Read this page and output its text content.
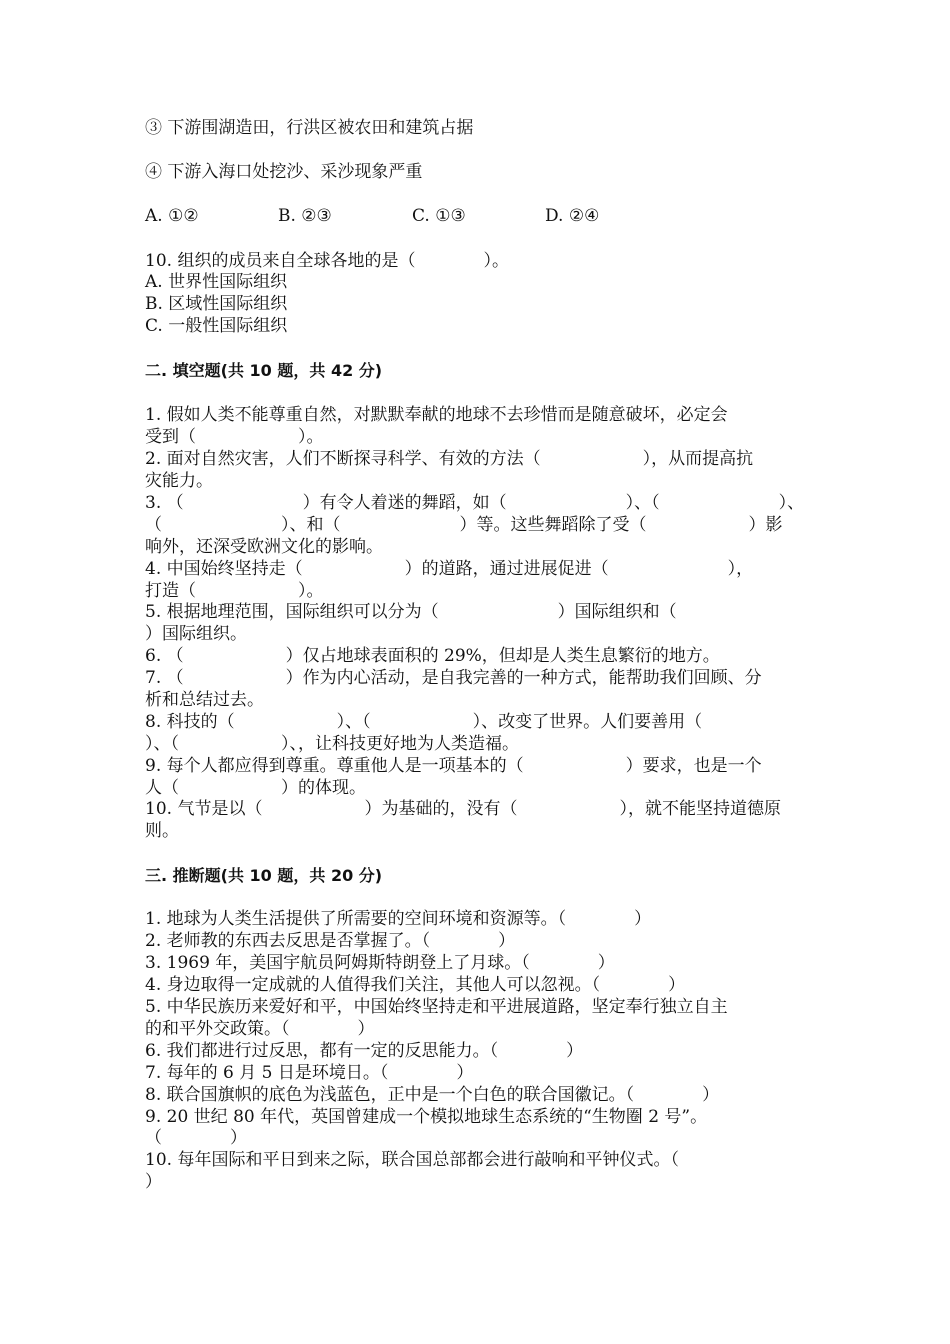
③ 下游围湖造田，行洪区被农田和建筑占据

④ 下游入海口处挖沙、采沙现象严重

A. ①②	B. ②③	C. ①③	D. ②④

10. 组织的成员来自全球各地的是（　　　　）。

A. 世界性国际组织

B. 区域性国际组织

C. 一般性国际组织

二. 填空题(共 10 题，共 42 分)

1. 假如人类不能尊重自然，对默默奉献的地球不去珍惜而是随意破坏，必定会

受到（　　　　　　）。

2. 面对自然灾害，人们不断探寻科学、有效的方法（　　　　　　），从而提高抗

灾能力。

3. （　　　　　　　）有令人着迷的舞蹈，如（　　　　　　　）、（　　　　　　　）、

（　　　　　　　）、和（　　　　　　　）等。这些舞蹈除了受（　　　　　　）影

响外，还深受欧洲文化的影响。

4. 中国始终坚持走（　　　　　　）的道路，通过进展促进（　　　　　　　），

打造（　　　　　　）。

5. 根据地理范围，国际组织可以分为（　　　　　　　）国际组织和（

）国际组织。

6. （　　　　　　）仅占地球表面积的 29%，但却是人类生息繁衍的地方。

7. （　　　　　　）作为内心活动，是自我完善的一种方式，能帮助我们回顾、分

析和总结过去。

8. 科技的（　　　　　　）、（　　　　　　）、改变了世界。人们要善用（

）、（　　　　　　）、，让科技更好地为人类造福。

9. 每个人都应得到尊重。尊重他人是一项基本的（　　　　　　）要求，也是一个

人（　　　　　　）的体现。

10. 气节是以（　　　　　　）为基础的，没有（　　　　　　），就不能坚持道德原

则。

三. 推断题(共 10 题，共 20 分)

1. 地球为人类生活提供了所需要的空间环境和资源等。（　　　　）

2. 老师教的东西去反思是否掌握了。（　　　　）

3. 1969 年，美国宇航员阿姆斯特朗登上了月球。（　　　　）

4. 身边取得一定成就的人值得我们关注，其他人可以忽视。（　　　　）

5. 中华民族历来爱好和平，中国始终坚持走和平进展道路，坚定奉行独立自主

的和平外交政策。（　　　　）

6. 我们都进行过反思，都有一定的反思能力。（　　　　）

7. 每年的 6 月 5 日是环境日。（　　　　）

8. 联合国旗帜的底色为浅蓝色，正中是一个白色的联合国徽记。（　　　　）

9. 20 世纪 80 年代，英国曾建成一个模拟地球生态系统的“生物圈 2 号”。

（　　　　）

10. 每年国际和平日到来之际，联合国总部都会进行敲响和平钟仪式。（

）
